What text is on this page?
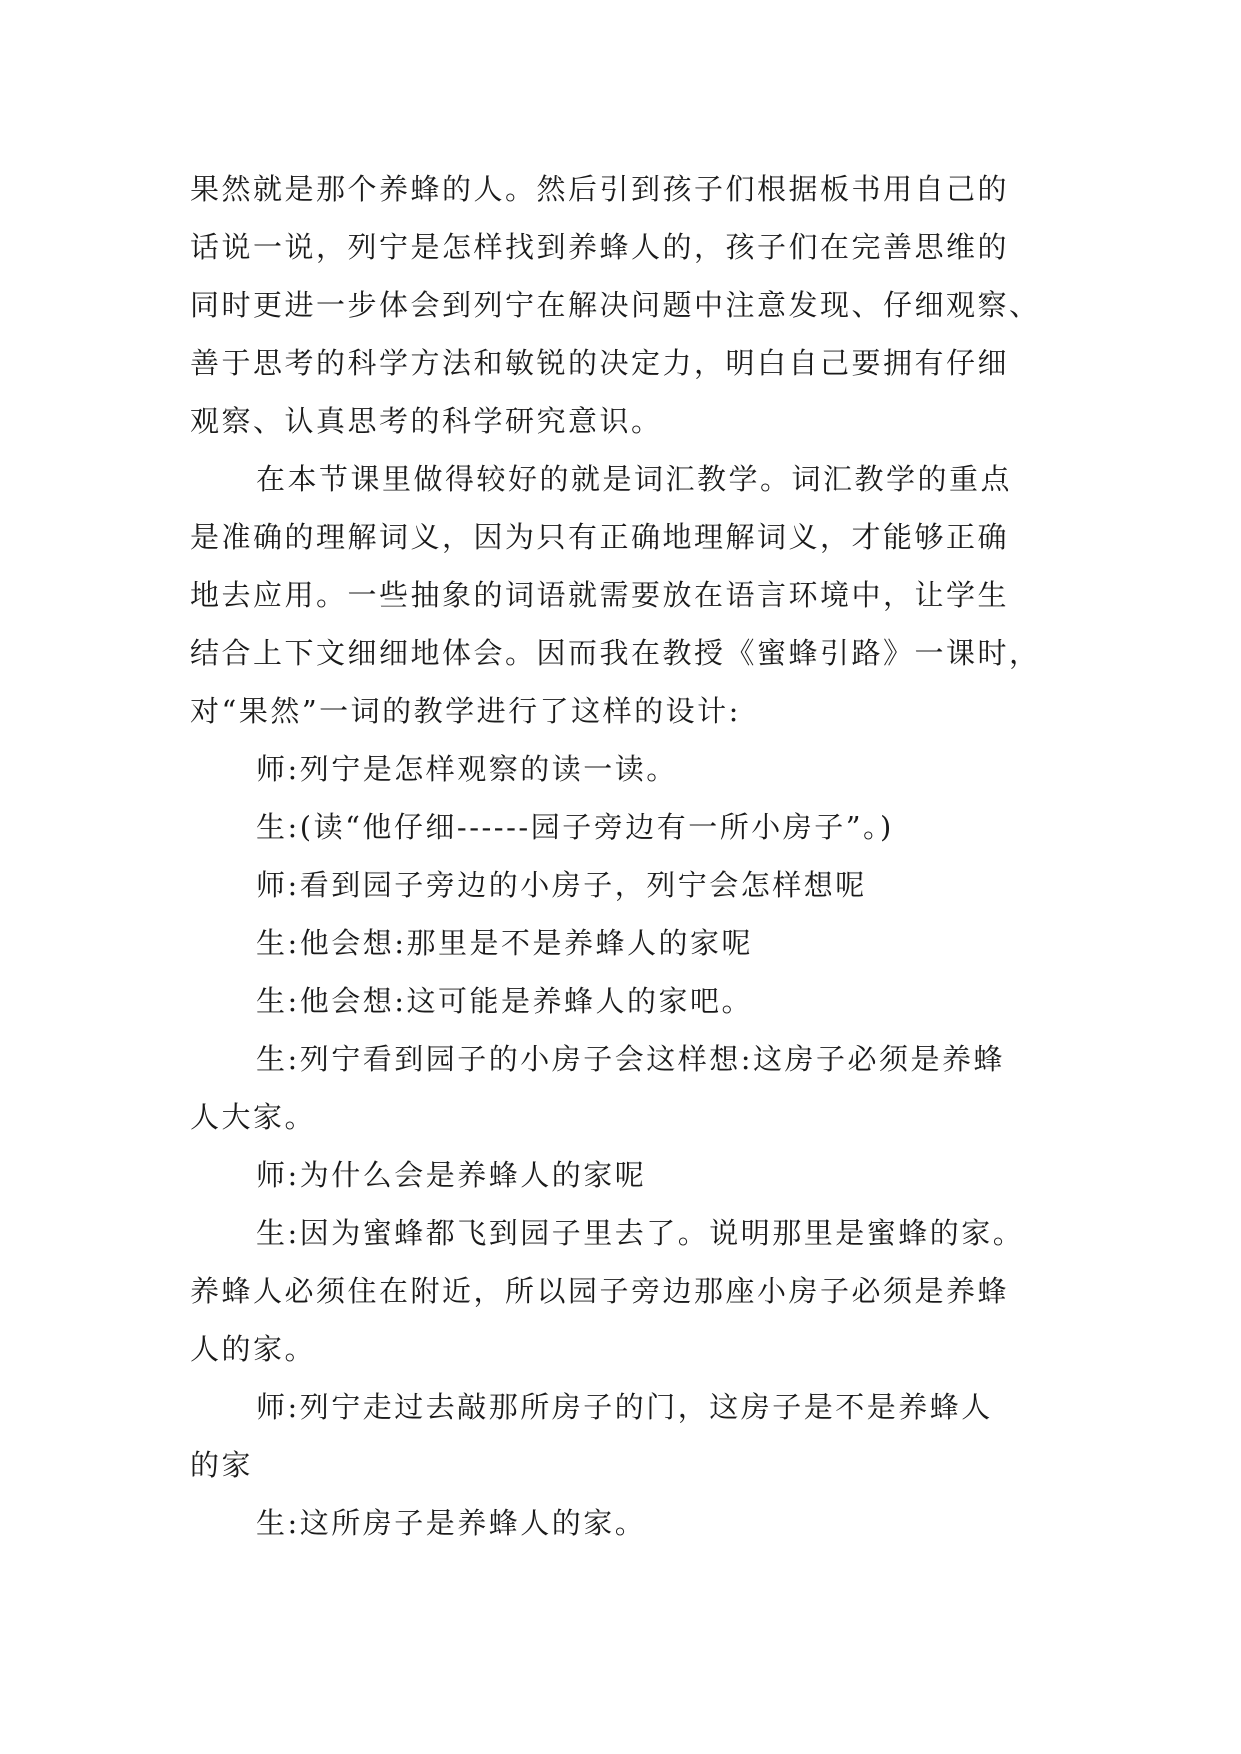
果然就是那个养蜂的人。然后引到孩子们根据板书用自己的
话说一说，列宁是怎样找到养蜂人的，孩子们在完善思维的
同时更进一步体会到列宁在解决问题中注意发现、仔细观察、
善于思考的科学方法和敏锐的决定力，明白自己要拥有仔细
观察、认真思考的科学研究意识。
在本节课里做得较好的就是词汇教学。词汇教学的重点
是准确的理解词义，因为只有正确地理解词义，才能够正确
地去应用。一些抽象的词语就需要放在语言环境中，让学生
结合上下文细细地体会。因而我在教授《蜜蜂引路》一课时，
对“果然”一词的教学进行了这样的设计:
师:列宁是怎样观察的读一读。
生:(读“他仔细------园子旁边有一所小房子”。)
师:看到园子旁边的小房子，列宁会怎样想呢
生:他会想:那里是不是养蜂人的家呢
生:他会想:这可能是养蜂人的家吧。
生:列宁看到园子的小房子会这样想:这房子必须是养蜂
人大家。
师:为什么会是养蜂人的家呢
生:因为蜜蜂都飞到园子里去了。说明那里是蜜蜂的家。
养蜂人必须住在附近，所以园子旁边那座小房子必须是养蜂
人的家。
师:列宁走过去敲那所房子的门，这房子是不是养蜂人
的家
生:这所房子是养蜂人的家。
